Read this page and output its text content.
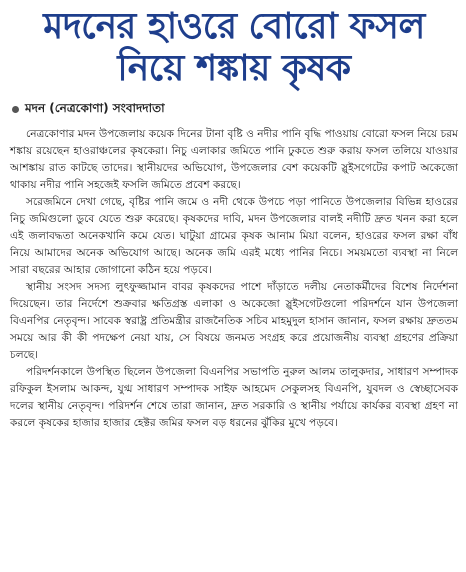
মদনের হাওরে বোরো ফসল
নিয়ে শঙ্কায় কৃষক
মদন (নেত্রকোণা) সংবাদদাতা

নেত্রকোণার মদন উপজেলায় কয়েক দিনের টানা বৃষ্টি ও নদীর পানি বৃদ্ধি পাওয়ায় বোরো ফসল নিয়ে চরম শঙ্কায় রয়েছেন হাওরাঞ্চলের কৃষকেরা। নিচু এলাকার জমিতে পানি ঢুকতে শুরু করায় ফসল তলিয়ে যাওয়ার আশঙ্কায় রাত কাটছে তাদের। স্থানীয়দের অভিযোগ, উপজেলার বেশ কয়েকটি স্লুইসগেটের কপাট অকেজো থাকায় নদীর পানি সহজেই ফসলি জমিতে প্রবেশ করছে।

সরেজমিনে দেখা গেছে, বৃষ্টির পানি জমে ও নদী থেকে উপচে পড়া পানিতে উপজেলার বিভিন্ন হাওরের নিচু জমিগুলো ডুবে যেতে শুরু করেছে। কৃষকদের দাবি, মদন উপজেলার বালই নদীটি দ্রুত খনন করা হলে এই জলাবদ্ধতা অনেকখানি কমে যেত। ঘাটুয়া গ্রামের কৃষক আনাম মিয়া বলেন, হাওরের ফসল রক্ষা বাঁধ নিয়ে আমাদের অনেক অভিযোগ আছে। অনেক জমি এরই মধ্যে পানির নিচে। সময়মতো ব্যবস্থা না নিলে সারা বছরের আহার জোগানো কঠিন হয়ে পড়বে।

স্থানীয় সংসদ সদস্য লুৎফুজ্জামান বাবর কৃষকদের পাশে দাঁড়াতে দলীয় নেতাকর্মীদের বিশেষ নির্দেশনা দিয়েছেন। তার নির্দেশে শুক্রবার ক্ষতিগ্রস্ত এলাকা ও অকেজো স্লুইসগেটগুলো পরিদর্শনে যান উপজেলা বিএনপির নেতৃবৃন্দ। সাবেক স্বরাষ্ট্র প্রতিমন্ত্রীর রাজনৈতিক সচিব মাহমুদুল হাসান জানান, ফসল রক্ষায় দ্রুততম সময়ে আর কী কী পদক্ষেপ নেয়া যায়, সে বিষয়ে জনমত সংগ্রহ করে প্রয়োজনীয় ব্যবস্থা গ্রহণের প্রক্রিয়া চলছে।

পরিদর্শনকালে উপস্থিত ছিলেন উপজেলা বিএনপির সভাপতি নুরুল আলম তালুকদার, সাধারণ সম্পাদক রফিকুল ইসলাম আকন্দ, যুগ্ম সাধারণ সম্পাদক সাইফ আহমেদ সেকুলসহ বিএনপি, যুবদল ও স্বেচ্ছাসেবক দলের স্থানীয় নেতৃবৃন্দ। পরিদর্শন শেষে তারা জানান, দ্রুত সরকারি ও স্থানীয় পর্যায়ে কার্যকর ব্যবস্থা গ্রহণ না করলে কৃষকের হাজার হাজার হেক্টর জমির ফসল বড় ধরনের ঝুঁকির মুখে পড়বে।
